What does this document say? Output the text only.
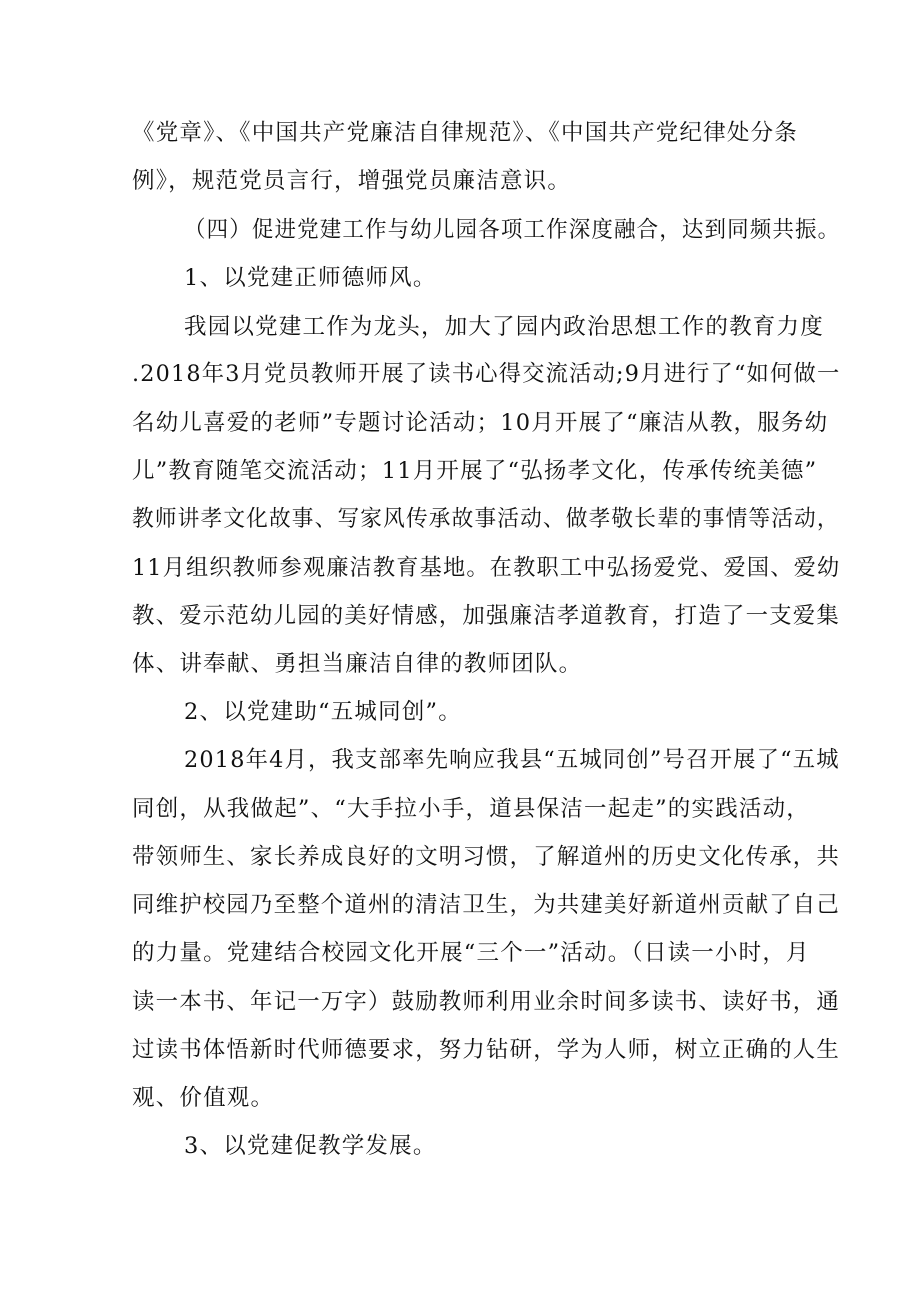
《党章》、《中国共产党廉洁自律规范》、《中国共产党纪律处分条
例》，规范党员言行，增强党员廉洁意识。
（四）促进党建工作与幼儿园各项工作深度融合，达到同频共振。
1、以党建正师德师风。
我园以党建工作为龙头，加大了园内政治思想工作的教育力度
.2018年3月党员教师开展了读书心得交流活动;9月进行了“如何做一
名幼儿喜爱的老师”专题讨论活动；10月开展了“廉洁从教，服务幼
儿”教育随笔交流活动；11月开展了“弘扬孝文化，传承传统美德”
教师讲孝文化故事、写家风传承故事活动、做孝敬长辈的事情等活动，
11月组织教师参观廉洁教育基地。在教职工中弘扬爱党、爱国、爱幼
教、爱示范幼儿园的美好情感，加强廉洁孝道教育，打造了一支爱集
体、讲奉献、勇担当廉洁自律的教师团队。
2、以党建助“五城同创”。
2018年4月，我支部率先响应我县“五城同创”号召开展了“五城
同创，从我做起”、“大手拉小手，道县保洁一起走”的实践活动，
带领师生、家长养成良好的文明习惯，了解道州的历史文化传承，共
同维护校园乃至整个道州的清洁卫生，为共建美好新道州贡献了自己
的力量。党建结合校园文化开展“三个一”活动。（日读一小时，月
读一本书、年记一万字）鼓励教师利用业余时间多读书、读好书，通
过读书体悟新时代师德要求，努力钻研，学为人师，树立正确的人生
观、价值观。
3、以党建促教学发展。
